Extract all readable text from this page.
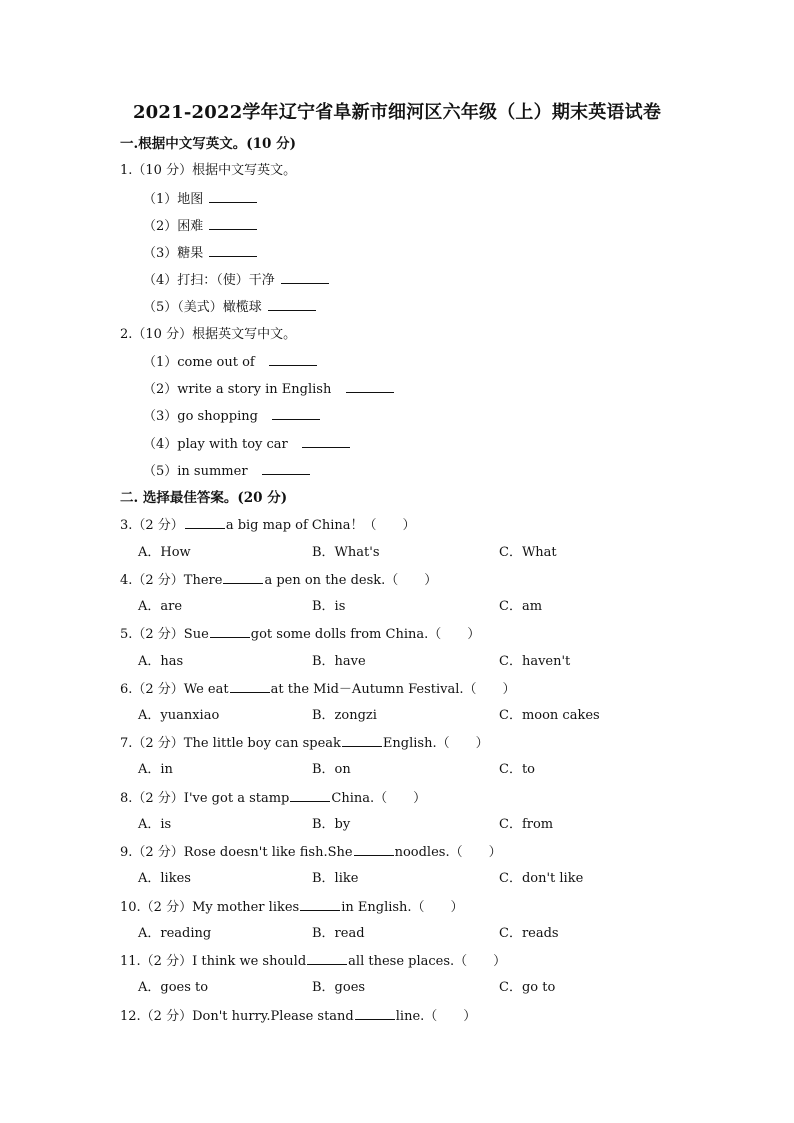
2021-2022学年辽宁省阜新市细河区六年级（上）期末英语试卷
一.根据中文写英文。(10 分)
1.（10 分）根据中文写英文。
（1）地图
（2）困难
（3）糖果
（4）打扫：（使）干净
（5）（美式）橄榄球
2.（10 分）根据英文写中文。
（1）come out of
（2）write a story in English
（3）go shopping
（4）play with toy car
（5）in summer
二. 选择最佳答案。(20 分)
3.（2 分）	a big map of China！（　　）
A．How	B．What's	C．What
4.（2 分）There	a pen on the desk.（　　）
A．are	B．is	C．am
5.（2 分）Sue	got some dolls from China.（　　）
A．has	B．have	C．haven't
6.（2 分）We eat	at the Mid－Autumn Festival.（　　）
A．yuanxiao	B．zongzi	C．moon cakes
7.（2 分）The little boy can speak	English.（　　）
A．in	B．on	C．to
8.（2 分）I've got a stamp	China.（　　）
A．is	B．by	C．from
9.（2 分）Rose doesn't like fish.She	noodles.（　　）
A．likes	B．like	C．don't like
10.（2 分）My mother likes	in English.（　　）
A．reading	B．read	C．reads
11.（2 分）I think we should	all these places.（　　）
A．goes to	B．goes	C．go to
12.（2 分）Don't hurry.Please stand	line.（　　）
